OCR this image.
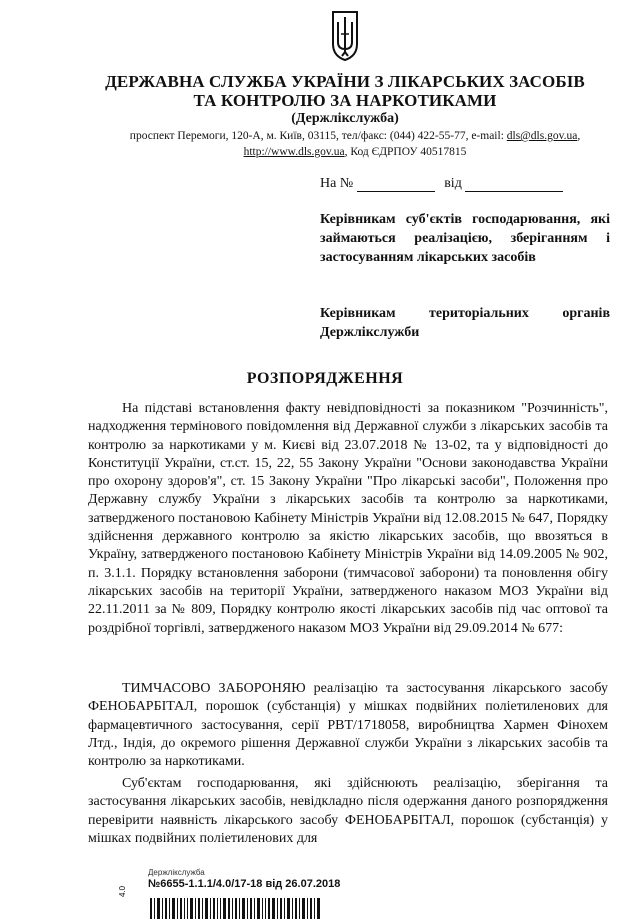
ДЕРЖАВНА СЛУЖБА УКРАЇНИ З ЛІКАРСЬКИХ ЗАСОБІВ
ТА КОНТРОЛЮ ЗА НАРКОТИКАМИ
(Держлікслужба)
проспект Перемоги, 120-А, м. Київ, 03115, тел/факс: (044) 422-55-77, e-mail: dls@dls.gov.ua,
http://www.dls.gov.ua, Код ЄДРПОУ 40517815
На №	від
Керівникам суб'єктів господарювання, які займаються реалізацією, зберіганням і застосуванням лікарських засобів
Керівникам територіальних органів Держлікслужби
РОЗПОРЯДЖЕННЯ
На підставі встановлення факту невідповідності за показником "Розчинність", надходження термінового повідомлення від Державної служби з лікарських засобів та контролю за наркотиками у м. Києві від 23.07.2018 № 13-02, та у відповідності до Конституції України, ст.ст. 15, 22, 55 Закону України "Основи законодавства України про охорону здоров'я", ст. 15 Закону України "Про лікарські засоби", Положення про Державну службу України з лікарських засобів та контролю за наркотиками, затвердженого постановою Кабінету Міністрів України від 12.08.2015 № 647, Порядку здійснення державного контролю за якістю лікарських засобів, що ввозяться в Україну, затвердженого постановою Кабінету Міністрів України від 14.09.2005 № 902, п. 3.1.1. Порядку встановлення заборони (тимчасової заборони) та поновлення обігу лікарських засобів на території України, затвердженого наказом МОЗ України від 22.11.2011 за № 809, Порядку контролю якості лікарських засобів під час оптової та роздрібної торгівлі, затвердженого наказом МОЗ України від 29.09.2014 № 677:
ТИМЧАСОВО ЗАБОРОНЯЮ реалізацію та застосування лікарського засобу ФЕНОБАРБІТАЛ, порошок (субстанція) у мішках подвійних поліетиленових для фармацевтичного застосування, серії PBT/1718058, виробництва Хармен Фінохем Лтд., Індія, до окремого рішення Державної служби України з лікарських засобів та контролю за наркотиками.
Суб'єктам господарювання, які здійснюють реалізацію, зберігання та застосування лікарських засобів, невідкладно після одержання даного розпорядження перевірити наявність лікарського засобу ФЕНОБАРБІТАЛ, порошок (субстанція) у мішках подвійних поліетиленових для
Держлікслужба
№6655-1.1.1/4.0/17-18 від 26.07.2018
4.0
